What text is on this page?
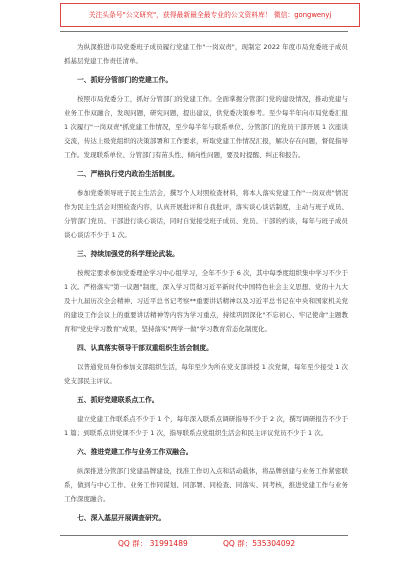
关注头条号"公文研究"，获得最新最全最专业的公文资料库！ 微信：gongwenyj

为纵深推进市局党委班子成员履行党建工作"一岗双责"，现制定 2022 年度市局党委班子成员抓基层党建工作责任清单。

一、抓好分管部门的党建工作。

按照市局党委分工，抓好分管部门的党建工作。全面掌握分管部门党的建设情况，推动党建与业务工作双融合，发现问题，研究问题，提出建议，供党委决策参考。至少每半年向市局党委汇报 1 次履行"一岗双责"抓党建工作情况，至少每半年与联系单位、分管部门的党员干部开展 1 次座谈交流，传达上级党组织的决策部署和工作要求，听取党建工作情况汇报，解决存在问题，督促指导工作。发现联系单位、分管部门有苗头性、倾向性问题，要及时提醒、纠正和报告。

二、严格执行党内政治生活制度。

参加党委领导班子民主生活会，撰写个人对照检查材料，将本人落实党建工作"一岗双责"情况作为民主生活会对照检查内容，认真开展批评和自我批评，落实谈心谈话制度，主动与班子成员、分管部门党员、干部进行谈心谈话，同时自觉接受班子成员、党员、干部的约谈，每年与班子成员谈心谈话不少于 1 次。

三、持续加强党的科学理论武装。

按规定要求参加党委理论学习中心组学习，全年不少于 6 次，其中每季度组织集中学习不少于 1 次。严格落实"第一议题"制度，深入学习贯彻习近平新时代中国特色社会主义思想、党的十九大及十九届历次全会精神、习近平总书记考察**重要讲话精神以及习近平总书记在中央和国家机关党的建设工作会议上的重要讲话精神等内容为学习重点，持续巩固深化"不忘初心、牢记使命"主题教育和"党史学习教育"成果，坚持落实"两学一做"学习教育常态化制度化。

四、认真落实领导干部双重组织生活会制度。

以普通党员身份参加支部组织生活，每年至少为所在党支部讲授 1 次党课，每年至少接受 1 次党支部民主评议。

五、抓好党建联系点工作。

建立党建工作联系点不少于 1 个，每年深入联系点调研指导不少于 2 次，撰写调研报告不少于 1 篇；到联系点讲党课不少于 1 次，指导联系点党组织生活会和民主评议党员不少于 1 次。

六、推进党建工作与业务工作双融合。

纵深推进分管部门党建品牌建设，找准工作切入点和活动载体，将品牌创建与业务工作紧密联系，做到与中心工作、业务工作同谋划、同部署、同检查、同落实、同考核，推进党建工作与业务工作深度融合。

七、深入基层开展调查研究。
QQ 群： 31991489	QQ 群：535304092
